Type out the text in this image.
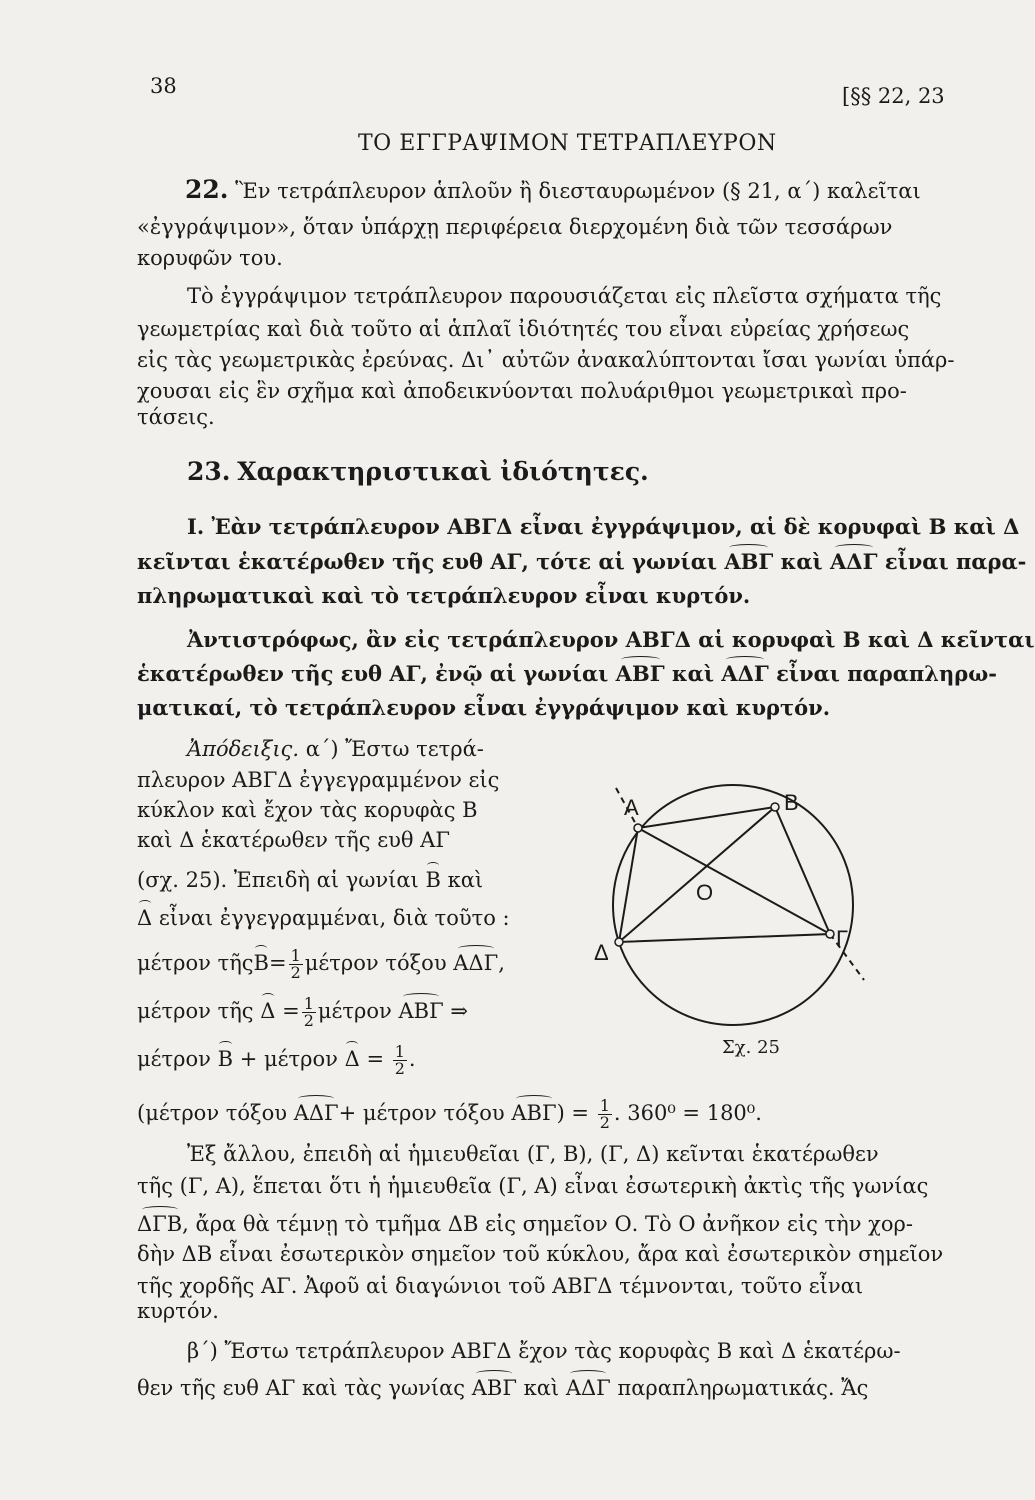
38	[§§ 22, 23
ΤΟ ΕΓΓΡΑΨΙΜΟΝ ΤΕΤΡΑΠΛΕΥΡΟΝ
22. Ἓν τετράπλευρον ἁπλοῦν ἢ διεσταυρωμένον (§ 21, α΄) καλεῖται
«ἐγγράψιμον», ὅταν ὑπάρχῃ περιφέρεια διερχομένη διὰ τῶν τεσσάρων
κορυφῶν του.
Τὸ ἐγγράψιμον τετράπλευρον παρουσιάζεται εἰς πλεῖστα σχήματα τῆς
γεωμετρίας καὶ διὰ τοῦτο αἱ ἁπλαῖ ἰδιότητές του εἶναι εὐρείας χρήσεως
εἰς τὰς γεωμετρικὰς ἐρεύνας. Δι᾽ αὐτῶν ἀνακαλύπτονται ἴσαι γωνίαι ὑπάρ-
χουσαι εἰς ἓν σχῆμα καὶ ἀποδεικνύονται πολυάριθμοι γεωμετρικαὶ προ-
τάσεις.
23. Χαρακτηριστικαὶ ἰδιότητες.
Ι. Ἐὰν τετράπλευρον ΑΒΓΔ εἶναι ἐγγράψιμον, αἱ δὲ κορυφαὶ Β καὶ Δ
κεῖνται ἑκατέρωθεν τῆς ευθ ΑΓ, τότε αἱ γωνίαι ΑΒΓ καὶ ΑΔΓ εἶναι παρα-
πληρωματικαὶ καὶ τὸ τετράπλευρον εἶναι κυρτόν.
Ἀντιστρόφως, ἂν εἰς τετράπλευρον ΑΒΓΔ αἱ κορυφαὶ Β καὶ Δ κεῖνται
ἑκατέρωθεν τῆς ευθ ΑΓ, ἐνῷ αἱ γωνίαι ΑΒΓ καὶ ΑΔΓ εἶναι παραπληρω-
ματικαί, τὸ τετράπλευρον εἶναι ἐγγράψιμον καὶ κυρτόν.
Ἀπόδειξις. α΄) Ἔστω τετρά-
πλευρον ΑΒΓΔ ἐγγεγραμμένον εἰς
κύκλον καὶ ἔχον τὰς κορυφὰς Β
καὶ Δ ἑκατέρωθεν τῆς ευθ ΑΓ
(σχ. 25). Ἐπειδὴ αἱ γωνίαι Β καὶ
Δ εἶναι ἐγγεγραμμέναι, διὰ τοῦτο :
μέτρον τῆςΒ= $\frac{1}{2}$ μέτρον τόξου ΑΔΓ,
μέτρον τῆς $\Delta = \frac{1}{2}$ μέτρον ΑΒΓ ⇒
μέτρον Β + μέτρον $\Delta = \frac{1}{2}$ .
(μέτρον τόξου ΑΔΓ+ μέτρον τόξου $AB\Gamma) = \frac{1}{2}$ . 360⁰ = 180⁰.
Ἐξ ἄλλου, ἐπειδὴ αἱ ἡμιευθεῖαι (Γ, Β), (Γ, Δ) κεῖνται ἑκατέρωθεν
τῆς (Γ, Α), ἕπεται ὅτι ἡ ἡμιευθεῖα (Γ, Α) εἶναι ἐσωτερικὴ ἀκτὶς τῆς γωνίας
ΔΓΒ, ἄρα θὰ τέμνῃ τὸ τμῆμα ΔΒ εἰς σημεῖον Ο. Τὸ Ο ἀνῆκον εἰς τὴν χορ-
δὴν ΔΒ εἶναι ἐσωτερικὸν σημεῖον τοῦ κύκλου, ἄρα καὶ ἐσωτερικὸν σημεῖον
τῆς χορδῆς ΑΓ. Ἀφοῦ αἱ διαγώνιοι τοῦ ΑΒΓΔ τέμνονται, τοῦτο εἶναι
κυρτόν.
β΄) Ἔστω τετράπλευρον ΑΒΓΔ ἔχον τὰς κορυφὰς Β καὶ Δ ἑκατέρω-
θεν τῆς ευθ ΑΓ καὶ τὰς γωνίας ΑΒΓ καὶ ΑΔΓ παραπληρωματικάς. Ἄς
Α	Β
Γ
Δ
Ο
Σχ. 25
